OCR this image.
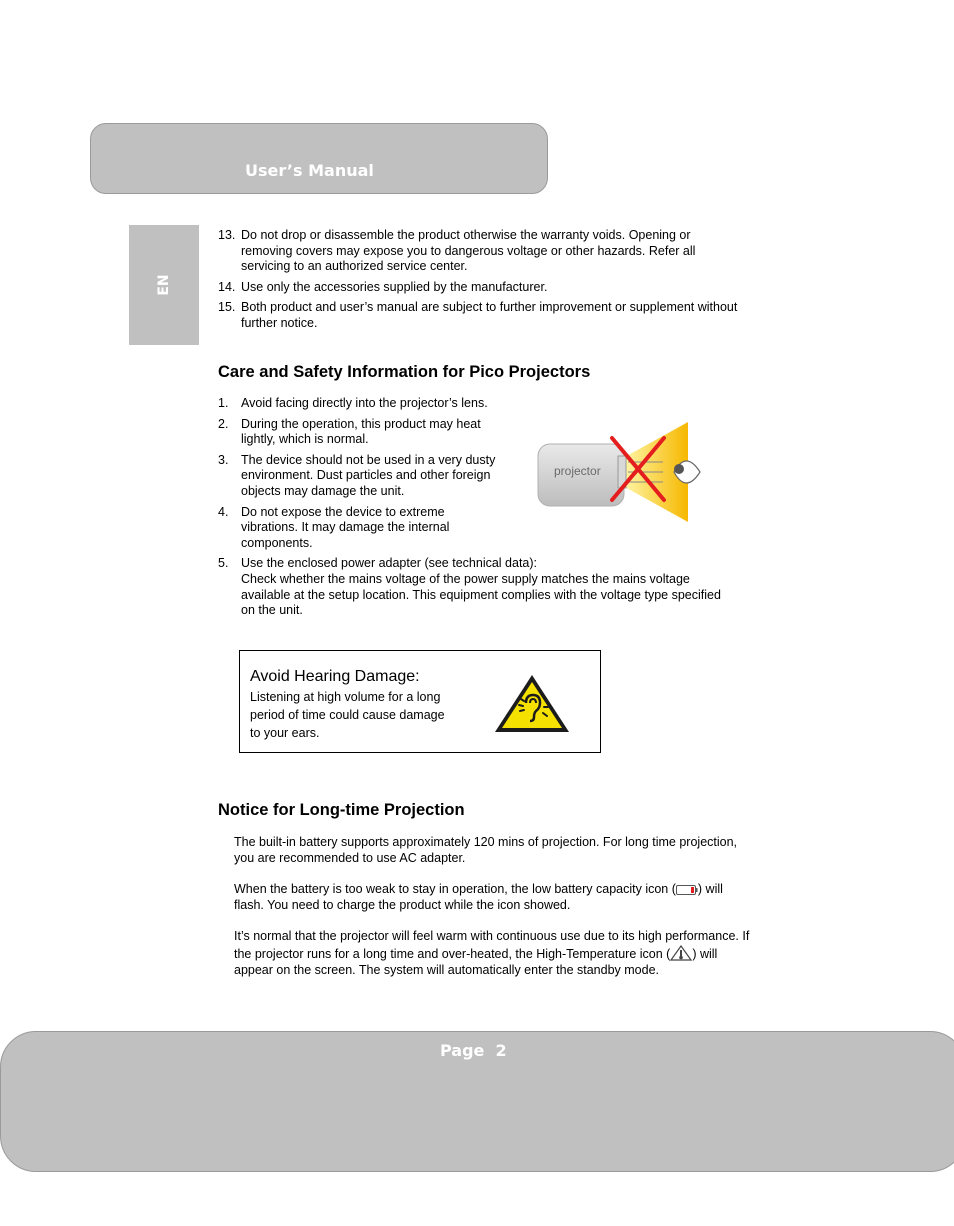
User’s Manual
EN
13. Do not drop or disassemble the product otherwise the warranty voids. Opening or removing covers may expose you to dangerous voltage or other hazards. Refer all servicing to an authorized service center.
14. Use only the accessories supplied by the manufacturer.
15. Both product and user’s manual are subject to further improvement or supplement without further notice.
Care and Safety Information for Pico Projectors
1. Avoid facing directly into the projector’s lens.
2. During the operation, this product may heat lightly, which is normal.
3. The device should not be used in a very dusty environment. Dust particles and other foreign objects may damage the unit.
4. Do not expose the device to extreme vibrations. It may damage the internal components.
5. Use the enclosed power adapter (see technical data):
Check whether the mains voltage of the power supply matches the mains voltage available at the setup location. This equipment complies with the voltage type specified on the unit.
projector
Avoid Hearing Damage:
Listening at high volume for a long period of time could cause damage to your ears.
Notice for Long-time Projection

The built-in battery supports approximately 120 mins of projection. For long time projection, you are recommended to use AC adapter.

When the battery is too weak to stay in operation, the low battery capacity icon ( ) will flash. You need to charge the product while the icon showed.

It’s normal that the projector will feel warm with continuous use due to its high performance. If the projector runs for a long time and over-heated, the High-Temperature icon ( ) will appear on the screen. The system will automatically enter the standby mode.

Page  2
